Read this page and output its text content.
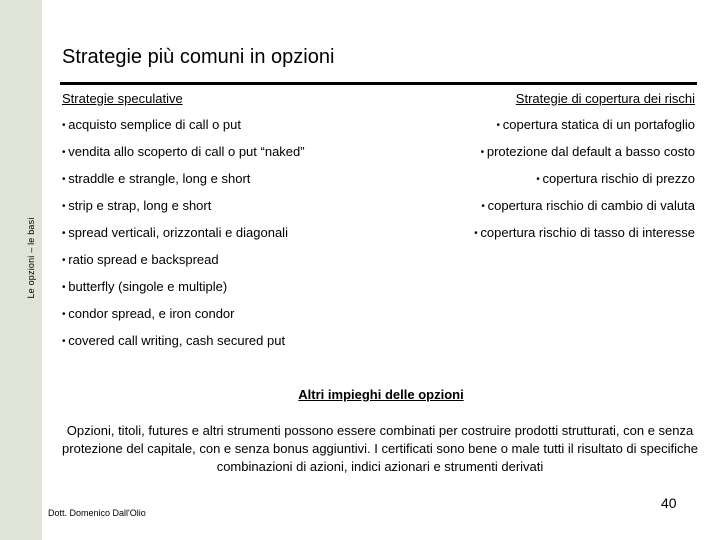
Le opzioni – le basi
Strategie più comuni in opzioni
Strategie speculative	Strategie di copertura dei rischi
• acquisto semplice di call o put
• vendita allo scoperto di call o put “naked”
• straddle e strangle, long e short
• strip e strap, long e short
• spread verticali, orizzontali e diagonali
• ratio spread e backspread
• butterfly (singole e multiple)
• condor spread, e iron condor
• covered call writing, cash secured put
• copertura statica di un portafoglio
• protezione dal default a basso costo
• copertura rischio di prezzo
• copertura rischio di cambio di valuta
• copertura rischio di tasso di interesse
Altri impieghi delle opzioni

Opzioni, titoli, futures e altri strumenti possono essere combinati per costruire prodotti strutturati, con e senza protezione del capitale, con e senza bonus aggiuntivi. I certificati sono bene o male tutti il risultato di specifiche combinazioni di azioni, indici azionari e strumenti derivati

Dott. Domenico Dall'Olio
40
